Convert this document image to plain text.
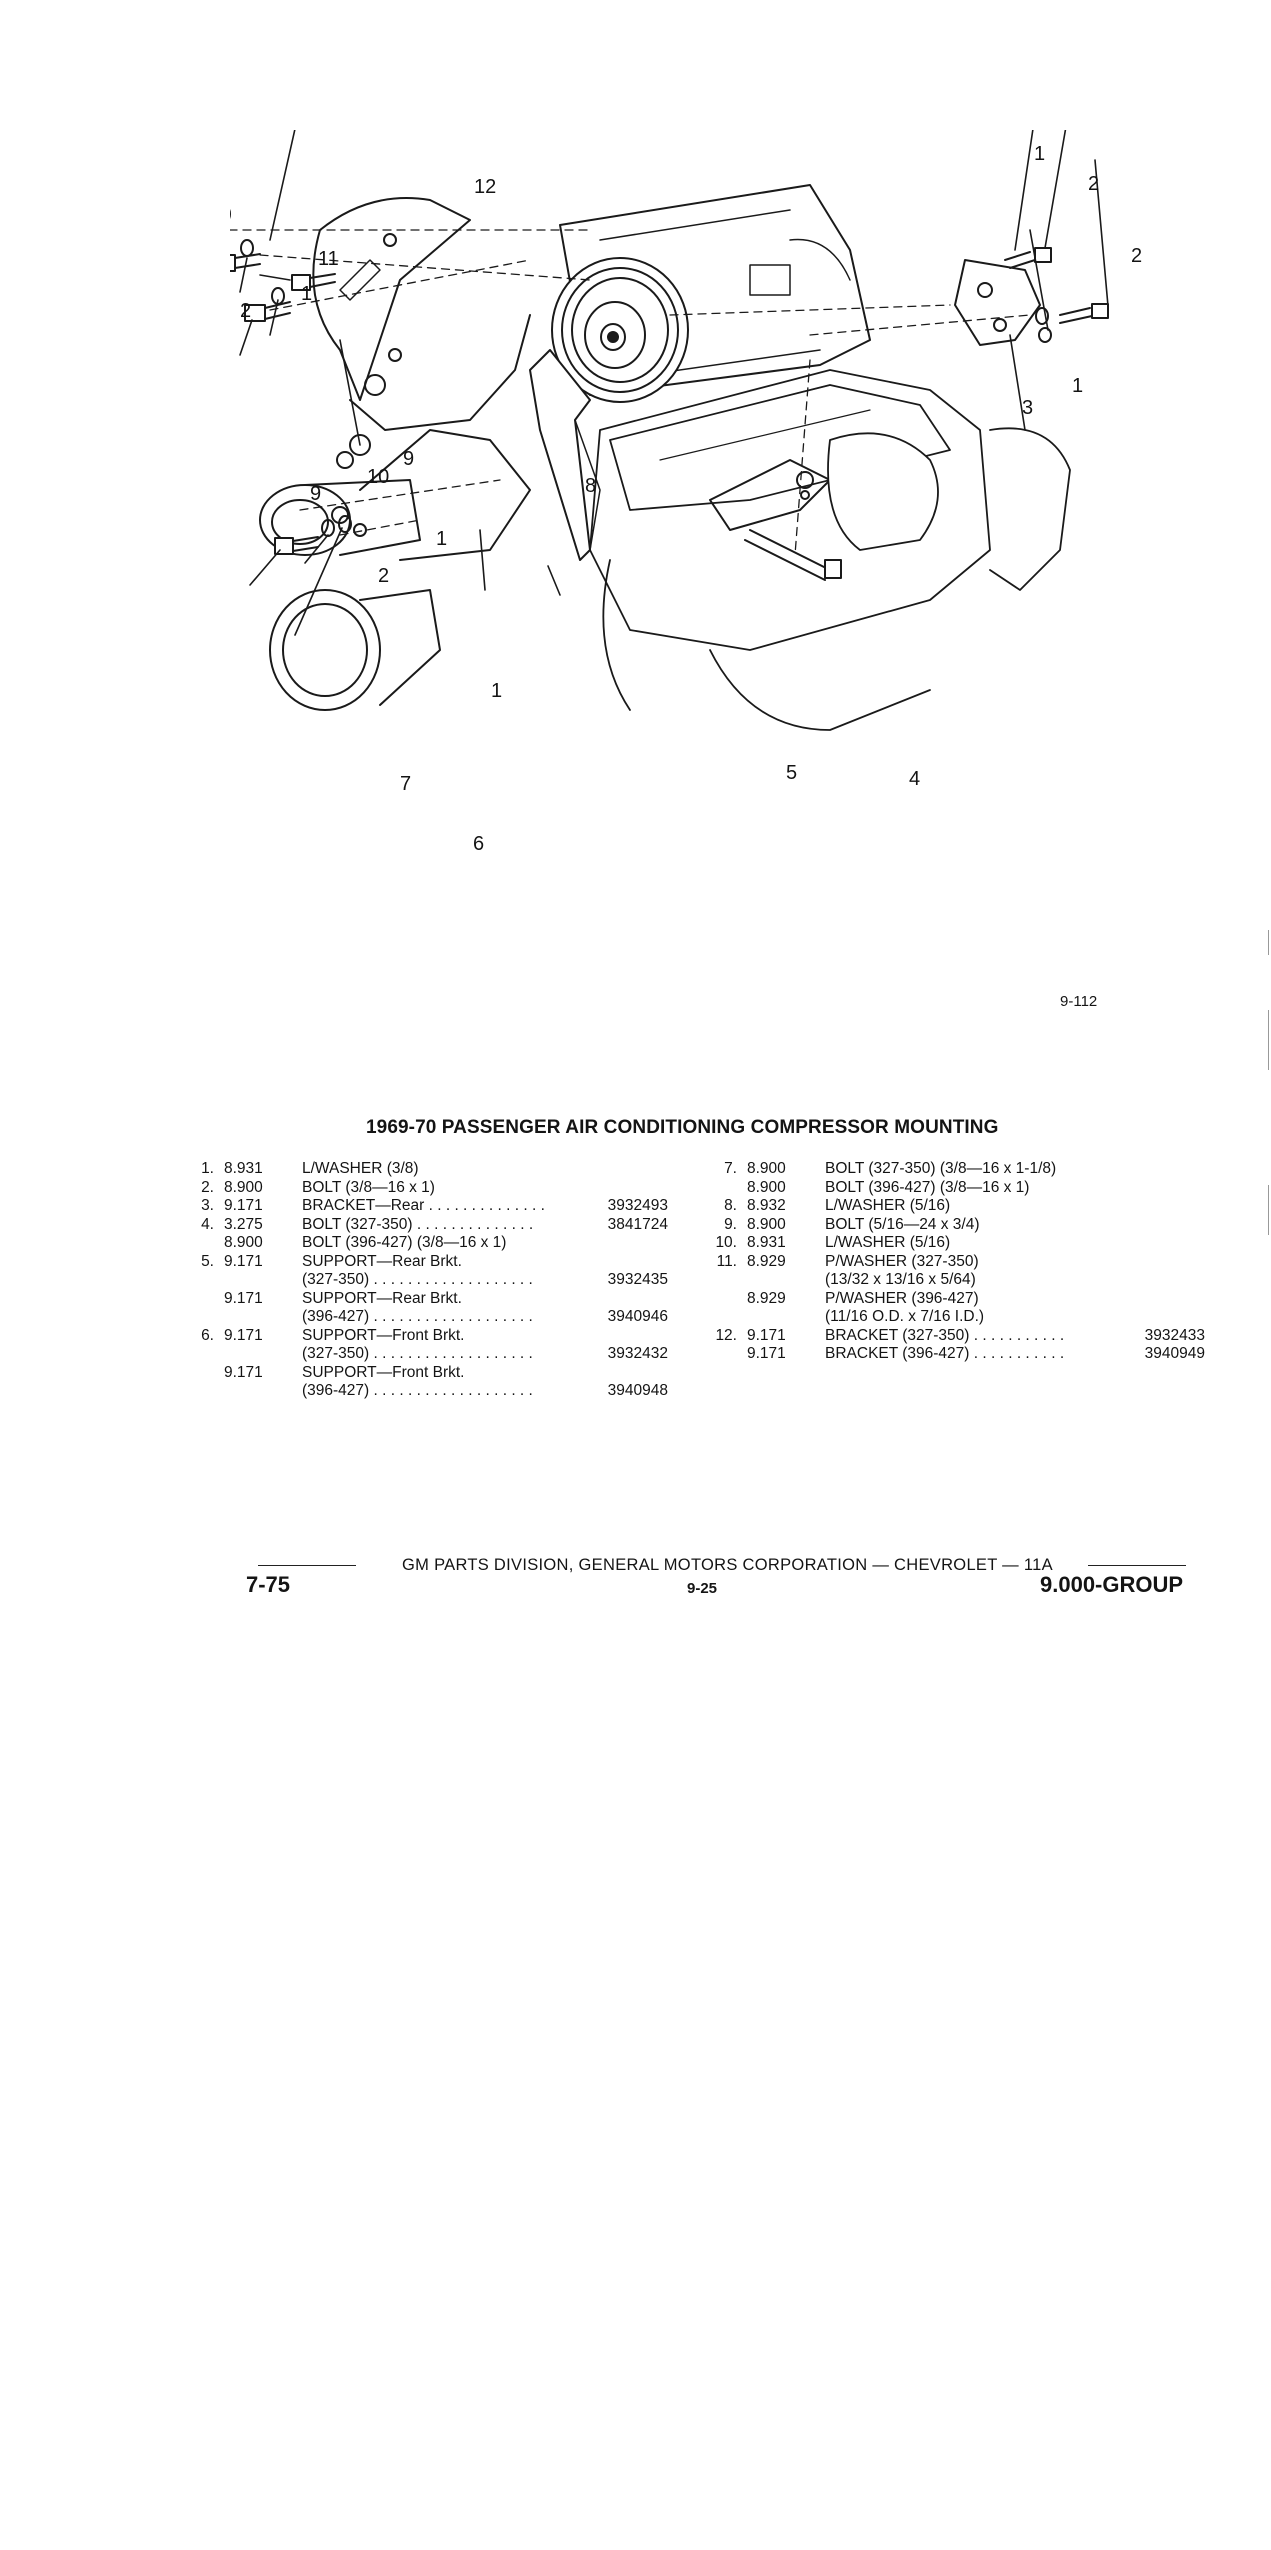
1
2
2
1
3
12
11
1
2
9
10
9
8
1
2
5	4
7
1
6
9-112
1969-70 PASSENGER AIR CONDITIONING COMPRESSOR MOUNTING
1. 8.931	L/WASHER (3/8)
2. 8.900	BOLT (3/8—16 x 1)
3. 9.171	BRACKET—Rear . . . . . . . . . . . . . .	3932493
4. 3.275	BOLT (327-350) . . . . . . . . . . . . . .	3841724
8.900	BOLT (396-427) (3/8—16 x 1)
5. 9.171	SUPPORT—Rear Brkt.
(327-350) . . . . . . . . . . . . . . . . . . .	3932435
9.171	SUPPORT—Rear Brkt.
(396-427) . . . . . . . . . . . . . . . . . . .	3940946
6. 9.171	SUPPORT—Front Brkt.
(327-350) . . . . . . . . . . . . . . . . . . .	3932432
9.171	SUPPORT—Front Brkt.
(396-427) . . . . . . . . . . . . . . . . . . .	3940948
7. 8.900	BOLT (327-350) (3/8—16 x 1-1/8)
8.900	BOLT (396-427) (3/8—16 x 1)
8. 8.932	L/WASHER (5/16)
9. 8.900	BOLT (5/16—24 x 3/4)
10. 8.931	L/WASHER (5/16)
11. 8.929	P/WASHER (327-350)
(13/32 x 13/16 x 5/64)
8.929	P/WASHER (396-427)
(11/16 O.D. x 7/16 I.D.)
12. 9.171	BRACKET (327-350) . . . . . . . . . . .	3932433
9.171	BRACKET (396-427) . . . . . . . . . . .	3940949
GM PARTS DIVISION, GENERAL MOTORS CORPORATION — CHEVROLET — 11A
7-75	9-25	9.000-GROUP
